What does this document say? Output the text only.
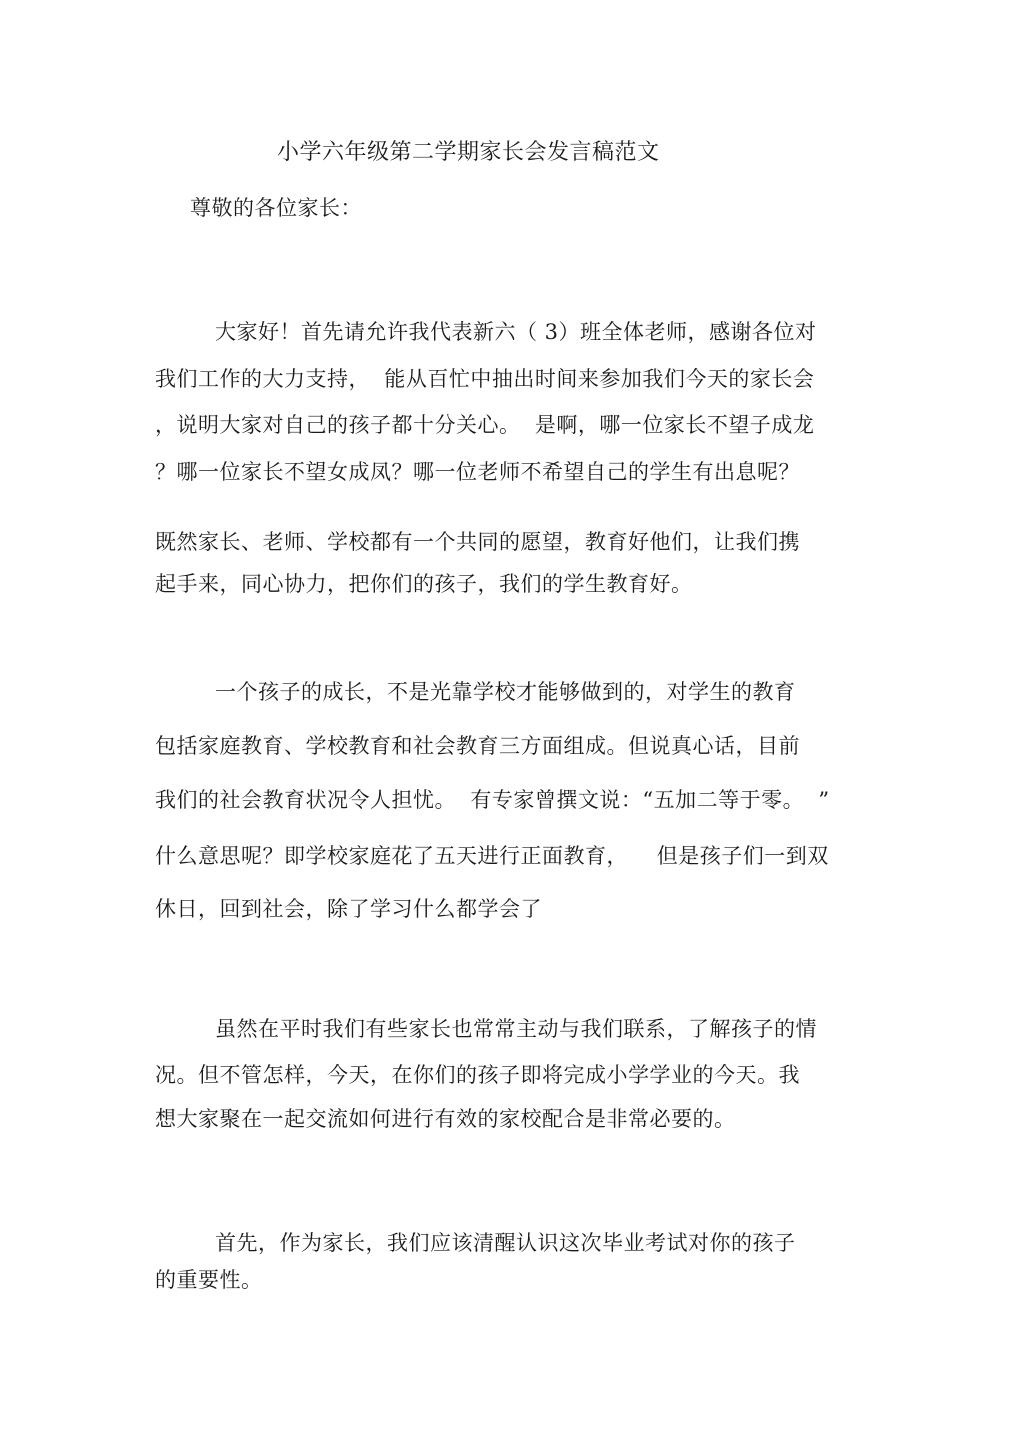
小学六年级第二学期家长会发言稿范文
尊敬的各位家长：
大家好！首先请允许我代表新六（ 3）班全体老师，感谢各位对
我们工作的大力支持，  能从百忙中抽出时间来参加我们今天的家长会
，说明大家对自己的孩子都十分关心。  是啊，哪一位家长不望子成龙
？哪一位家长不望女成凤？哪一位老师不希望自己的学生有出息呢？
既然家长、老师、学校都有一个共同的愿望，教育好他们，让我们携
起手来，同心协力，把你们的孩子，我们的学生教育好。
一个孩子的成长，不是光靠学校才能够做到的，对学生的教育
包括家庭教育、学校教育和社会教育三方面组成。但说真心话，目前
我们的社会教育状况令人担忧。  有专家曾撰文说：“五加二等于零。  ”
什么意思呢？即学校家庭花了五天进行正面教育，    但是孩子们一到双
休日，回到社会，除了学习什么都学会了
虽然在平时我们有些家长也常常主动与我们联系，了解孩子的情
况。但不管怎样，今天，在你们的孩子即将完成小学学业的今天。我
想大家聚在一起交流如何进行有效的家校配合是非常必要的。
首先，作为家长，我们应该清醒认识这次毕业考试对你的孩子
的重要性。
